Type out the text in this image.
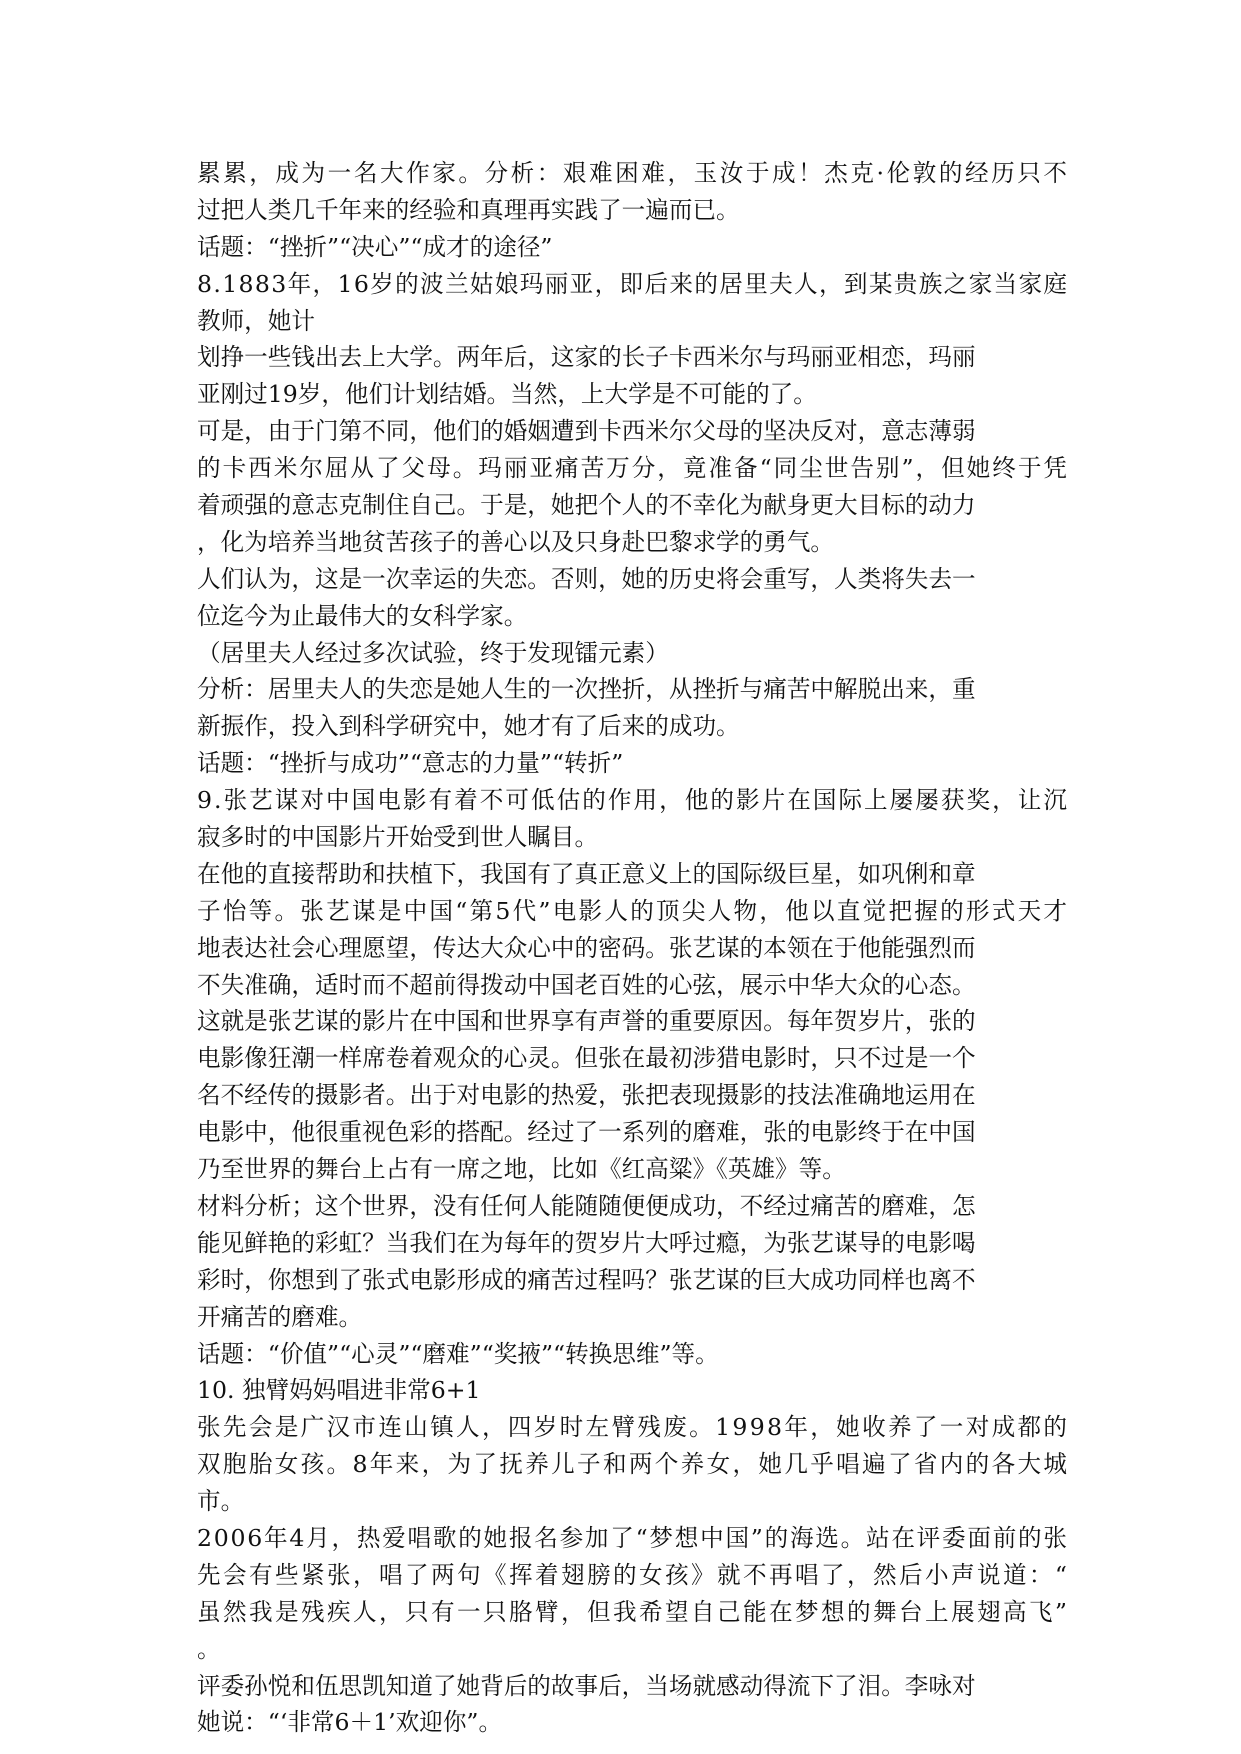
累累，成为一名大作家。分析：艰难困难，玉汝于成！杰克·伦敦的经历只不
过把人类几千年来的经验和真理再实践了一遍而已。
话题：“挫折”“决心”“成才的途径”
8.1883年，16岁的波兰姑娘玛丽亚，即后来的居里夫人，到某贵族之家当家庭
教师，她计
划挣一些钱出去上大学。两年后，这家的长子卡西米尔与玛丽亚相恋，玛丽
亚刚过19岁，他们计划结婚。当然，上大学是不可能的了。
可是，由于门第不同，他们的婚姻遭到卡西米尔父母的坚决反对，意志薄弱
的卡西米尔屈从了父母。玛丽亚痛苦万分，竟准备“同尘世告别”，但她终于凭
着顽强的意志克制住自己。于是，她把个人的不幸化为献身更大目标的动力
，化为培养当地贫苦孩子的善心以及只身赴巴黎求学的勇气。
人们认为，这是一次幸运的失恋。否则，她的历史将会重写，人类将失去一
位迄今为止最伟大的女科学家。
（居里夫人经过多次试验，终于发现镭元素）
分析：居里夫人的失恋是她人生的一次挫折，从挫折与痛苦中解脱出来，重
新振作，投入到科学研究中，她才有了后来的成功。
话题：“挫折与成功”“意志的力量”“转折”
9.张艺谋对中国电影有着不可低估的作用，他的影片在国际上屡屡获奖，让沉
寂多时的中国影片开始受到世人瞩目。
在他的直接帮助和扶植下，我国有了真正意义上的国际级巨星，如巩俐和章
子怡等。张艺谋是中国“第5代”电影人的顶尖人物，他以直觉把握的形式天才
地表达社会心理愿望，传达大众心中的密码。张艺谋的本领在于他能强烈而
不失准确，适时而不超前得拨动中国老百姓的心弦，展示中华大众的心态。
这就是张艺谋的影片在中国和世界享有声誉的重要原因。每年贺岁片，张的
电影像狂潮一样席卷着观众的心灵。但张在最初涉猎电影时，只不过是一个
名不经传的摄影者。出于对电影的热爱，张把表现摄影的技法准确地运用在
电影中，他很重视色彩的搭配。经过了一系列的磨难，张的电影终于在中国
乃至世界的舞台上占有一席之地，比如《红高粱》《英雄》等。
材料分析；这个世界，没有任何人能随随便便成功，不经过痛苦的磨难，怎
能见鲜艳的彩虹？当我们在为每年的贺岁片大呼过瘾，为张艺谋导的电影喝
彩时，你想到了张式电影形成的痛苦过程吗？张艺谋的巨大成功同样也离不
开痛苦的磨难。
话题：“价值”“心灵”“磨难”“奖掖”“转换思维”等。
10. 独臂妈妈唱进非常6+1
张先会是广汉市连山镇人，四岁时左臂残废。1998年，她收养了一对成都的
双胞胎女孩。8年来，为了抚养儿子和两个养女，她几乎唱遍了省内的各大城
市。
2006年4月，热爱唱歌的她报名参加了“梦想中国”的海选。站在评委面前的张
先会有些紧张，唱了两句《挥着翅膀的女孩》就不再唱了，然后小声说道：“
虽然我是残疾人，只有一只胳臂，但我希望自己能在梦想的舞台上展翅高飞”
。
评委孙悦和伍思凯知道了她背后的故事后，当场就感动得流下了泪。李咏对
她说：“‘非常6＋1’欢迎你”。
